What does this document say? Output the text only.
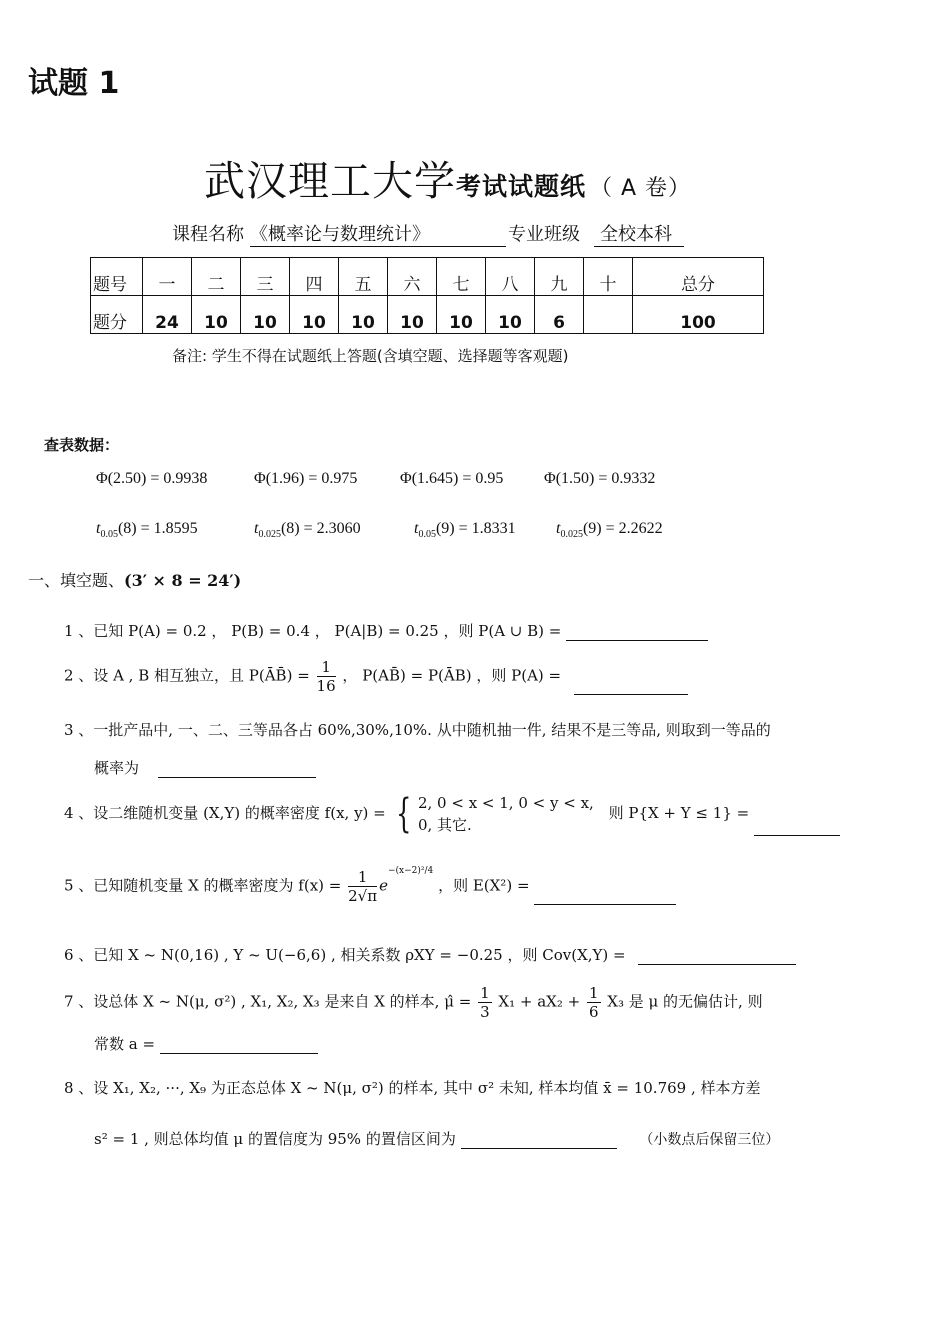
试题 1
武汉理工大学考试试题纸 （ A 卷）
课程名称 《概率论与数理统计》	专业班级	全校本科
题号	一	二	三	四	五	六	七	八	九	十	总分
题分	24	10	10	10	10	10	10	10	6		100
备注: 学生不得在试题纸上答题(含填空题、选择题等客观题)
查表数据：
Φ(2.50) = 0.9938	Φ(1.96) = 0.975	Φ(1.645) = 0.95	Φ(1.50) = 0.9332
$t_{0.05}(8) = 1.8595$	$t_{0.025}(8) = 2.3060$	$t_{0.05}(9) = 1.8331$	$t_{0.025}(9) = 2.2622$
一、填空题、(3′ × 8 = 24′)
1 、已知 P(A) = 0.2 ， P(B) = 0.4 ， P(A|B) = 0.25 ，则 P(A ∪ B) =
2 、设 A , B 相互独立，且 P(ĀB̄) = $\frac{1}{16}$ ， P(AB̄) = P(ĀB) ，则 P(A) =
3 、一批产品中, 一、二、三等品各占 60%,30%,10%. 从中随机抽一件, 结果不是三等品, 则取到一等品的
概率为
4 、设二维随机变量 (X,Y) 的概率密度 f(x, y) = { 2, 0 < x < 1, 0 < y < x,
0, 其它.
则 P{X + Y ≤ 1} =
5 、已知随机变量 X 的概率密度为 $f(x) = \frac{1}{2√\pi} e^{-(x-2)^2/4}$ ，则 E(X²) =
6 、已知 X ~ N(0,16) , Y ~ U(−6,6) , 相关系数 ρXY = −0.25 ，则 Cov(X,Y) =
7 、设总体 X ~ N(μ, σ²) , X₁, X₂, X₃ 是来自 X 的样本, μ̂ = $\frac{1}{3} X_1 + aX_2 + \frac{1}{6} X_3$ 是 μ 的无偏估计, 则
常数 a =
8 、设 X₁, X₂, ···, X₉ 为正态总体 X ~ N(μ, σ²) 的样本, 其中 σ² 未知, 样本均值 x̄ = 10.769 , 样本方差
s² = 1 , 则总体均值 μ 的置信度为 95% 的置信区间为	（小数点后保留三位）
